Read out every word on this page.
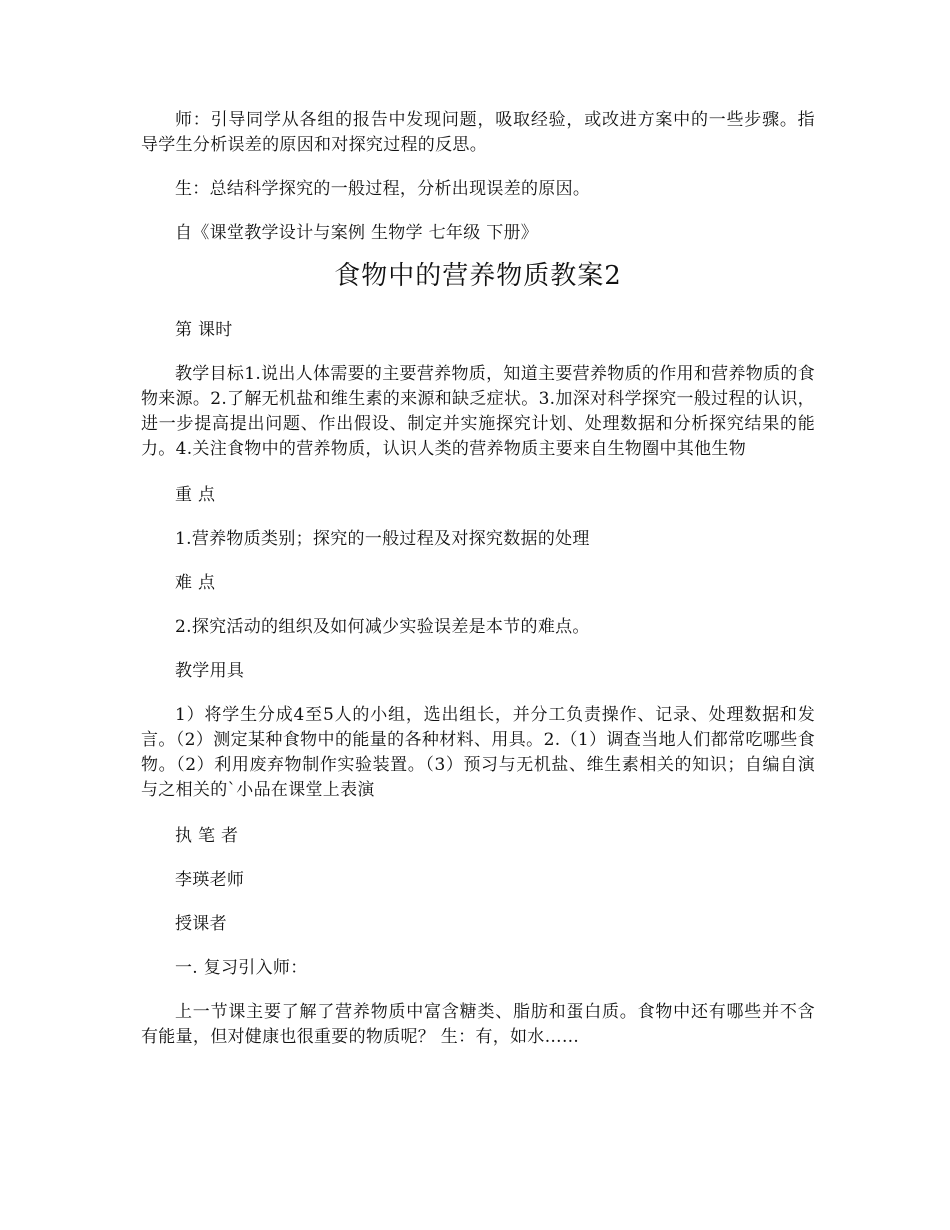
师：引导同学从各组的报告中发现问题，吸取经验，或改进方案中的一些步骤。指导学生分析误差的原因和对探究过程的反思。

生：总结科学探究的一般过程，分析出现误差的原因。

自《课堂教学设计与案例 生物学 七年级 下册》

食物中的营养物质教案2

第 课时

教学目标1.说出人体需要的主要营养物质，知道主要营养物质的作用和营养物质的食物来源。2.了解无机盐和维生素的来源和缺乏症状。3.加深对科学探究一般过程的认识，进一步提高提出问题、作出假设、制定并实施探究计划、处理数据和分析探究结果的能力。4.关注食物中的营养物质，认识人类的营养物质主要来自生物圈中其他生物

重 点

1.营养物质类别；探究的一般过程及对探究数据的处理

难 点

2.探究活动的组织及如何减少实验误差是本节的难点。

教学用具

1）将学生分成4至5人的小组，选出组长，并分工负责操作、记录、处理数据和发言。（2）测定某种食物中的能量的各种材料、用具。2.（1）调查当地人们都常吃哪些食物。（2）利用废弃物制作实验装置。（3）预习与无机盐、维生素相关的知识；自编自演与之相关的`小品在课堂上表演

执 笔 者

李瑛老师

授课者

一. 复习引入师：

上一节课主要了解了营养物质中富含糖类、脂肪和蛋白质。食物中还有哪些并不含有能量，但对健康也很重要的物质呢？ 生：有，如水……
